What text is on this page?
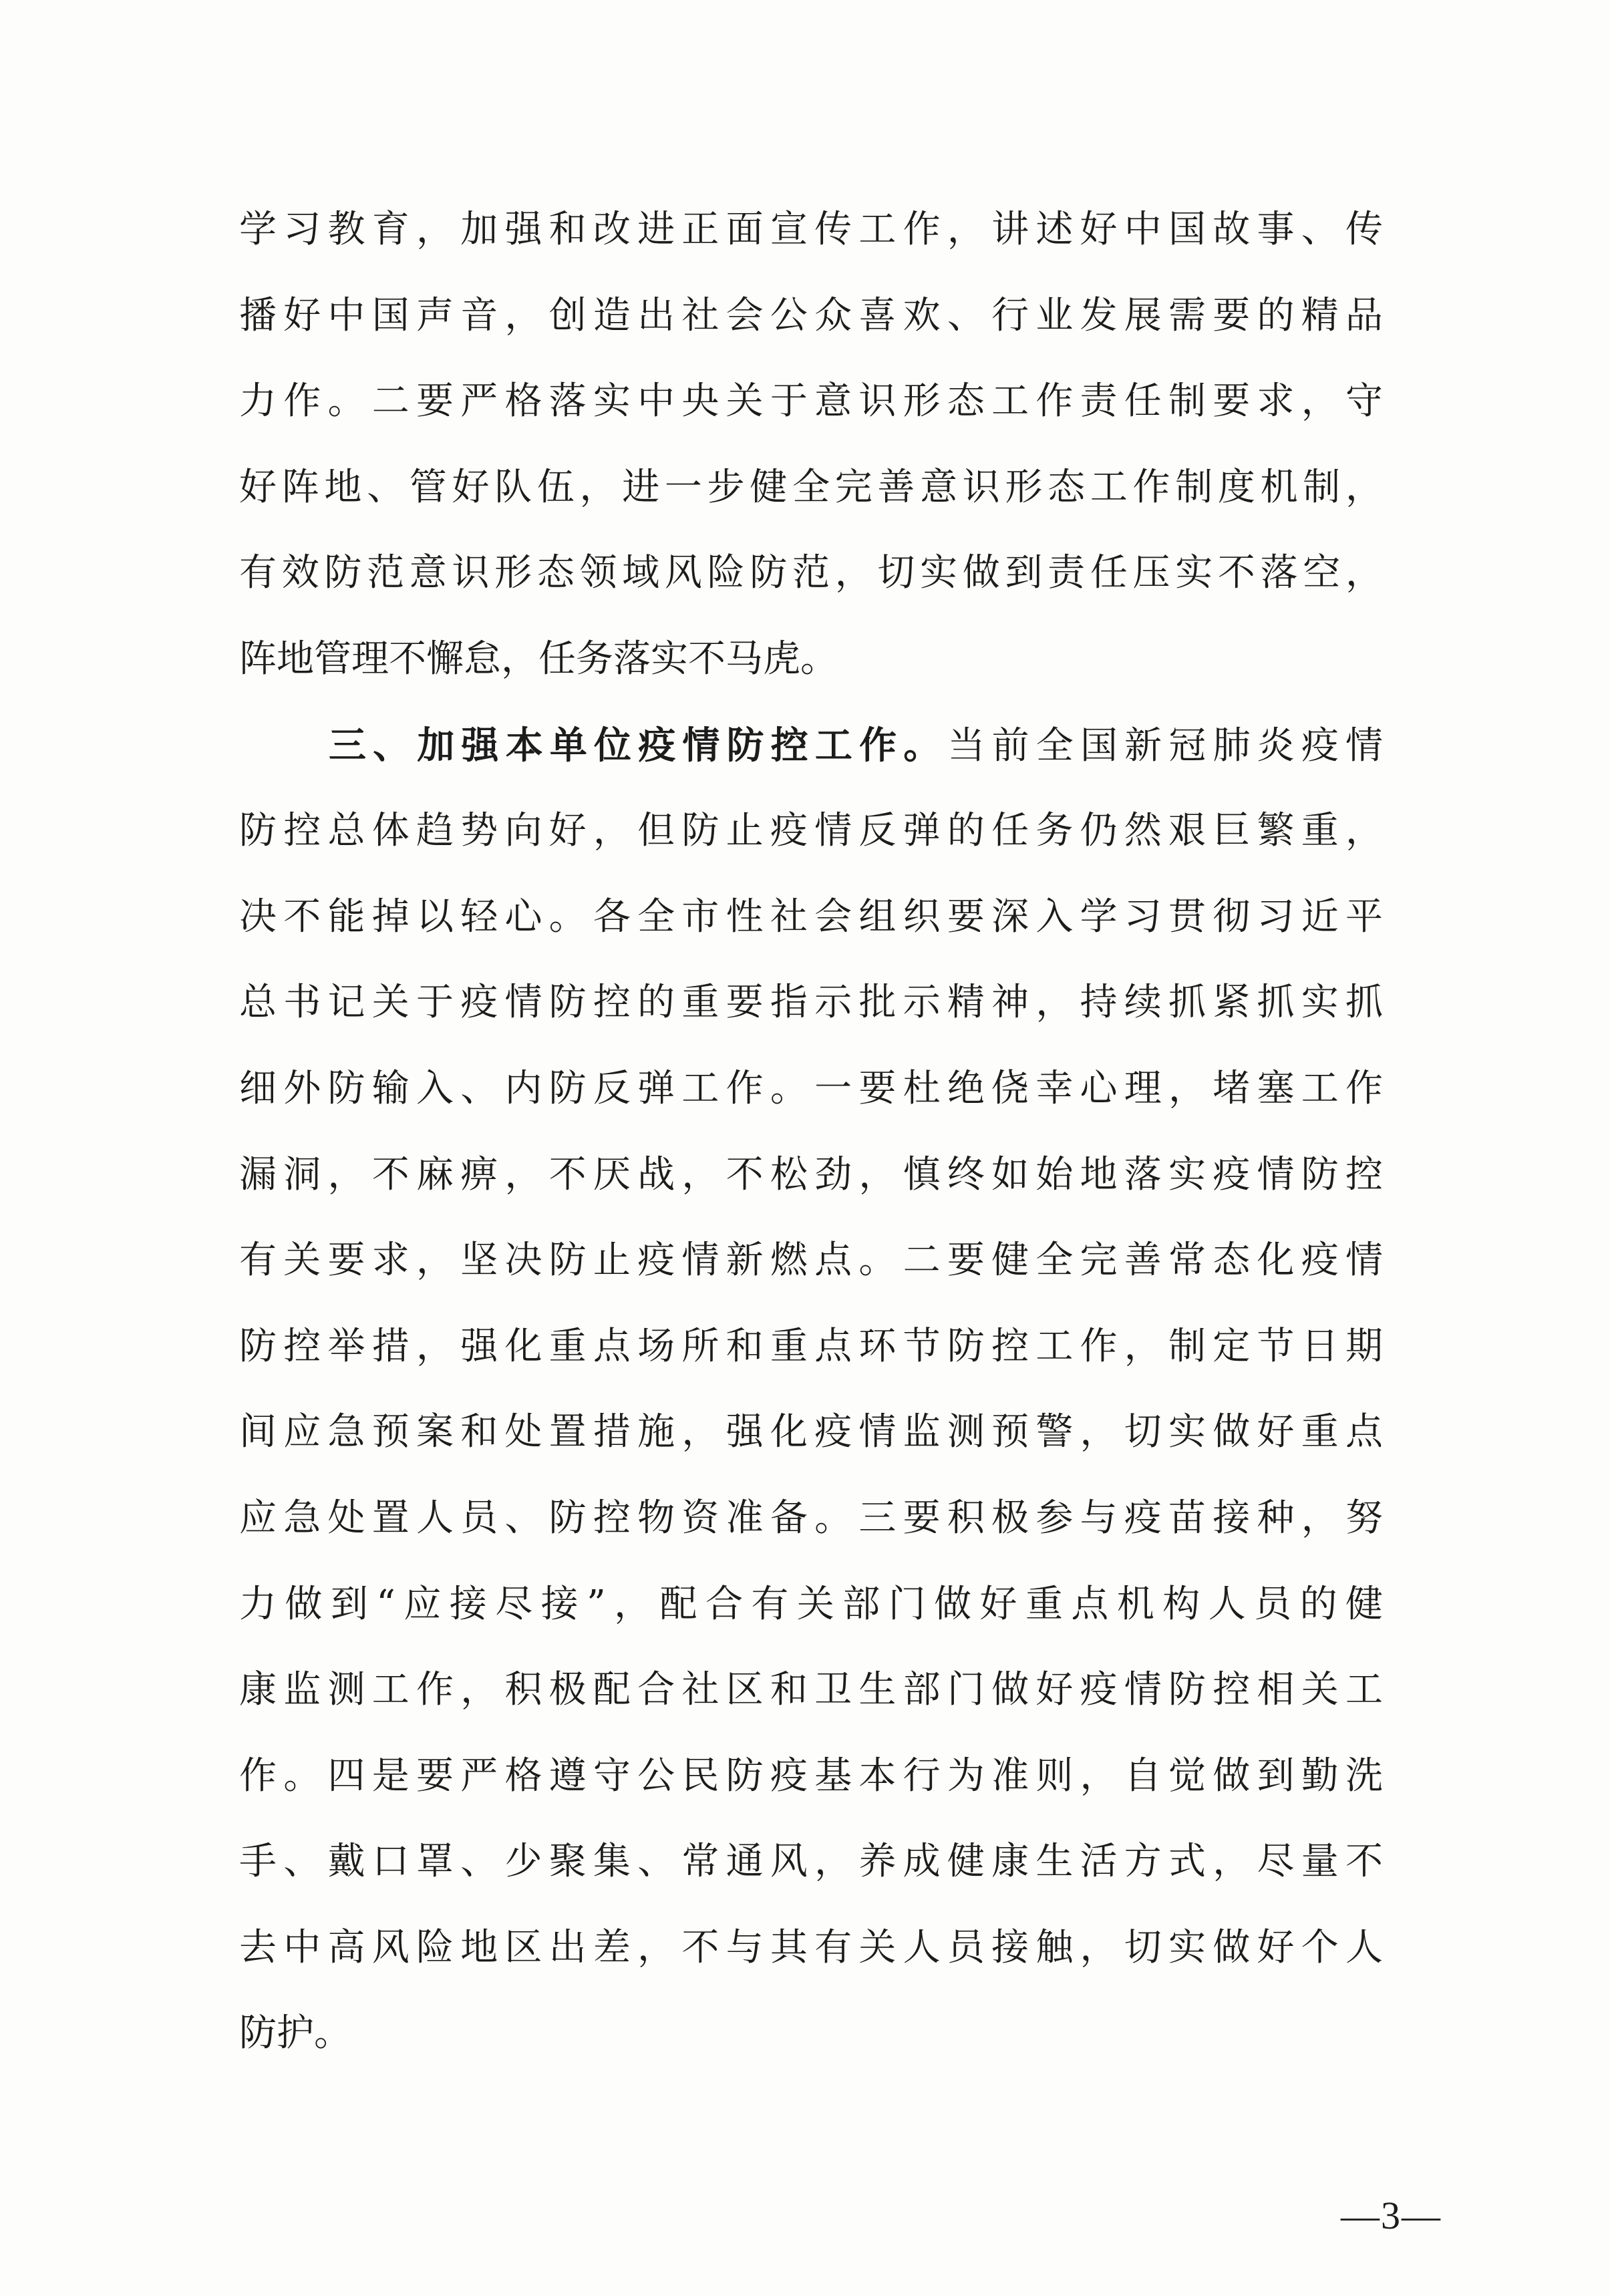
学习教育，加强和改进正面宣传工作，讲述好中国故事、传
播好中国声音，创造出社会公众喜欢、行业发展需要的精品
力作。二要严格落实中央关于意识形态工作责任制要求，守
好阵地、管好队伍，进一步健全完善意识形态工作制度机制，
有效防范意识形态领域风险防范，切实做到责任压实不落空，
阵地管理不懈怠，任务落实不马虎。
三、加强本单位疫情防控工作。当前全国新冠肺炎疫情
防控总体趋势向好，但防止疫情反弹的任务仍然艰巨繁重，
决不能掉以轻心。各全市性社会组织要深入学习贯彻习近平
总书记关于疫情防控的重要指示批示精神，持续抓紧抓实抓
细外防输入、内防反弹工作。一要杜绝侥幸心理，堵塞工作
漏洞，不麻痹，不厌战，不松劲，慎终如始地落实疫情防控
有关要求，坚决防止疫情新燃点。二要健全完善常态化疫情
防控举措，强化重点场所和重点环节防控工作，制定节日期
间应急预案和处置措施，强化疫情监测预警，切实做好重点
应急处置人员、防控物资准备。三要积极参与疫苗接种，努
力做到“应接尽接”，配合有关部门做好重点机构人员的健
康监测工作，积极配合社区和卫生部门做好疫情防控相关工
作。四是要严格遵守公民防疫基本行为准则，自觉做到勤洗
手、戴口罩、少聚集、常通风，养成健康生活方式，尽量不
去中高风险地区出差，不与其有关人员接触，切实做好个人
防护。
—3—
